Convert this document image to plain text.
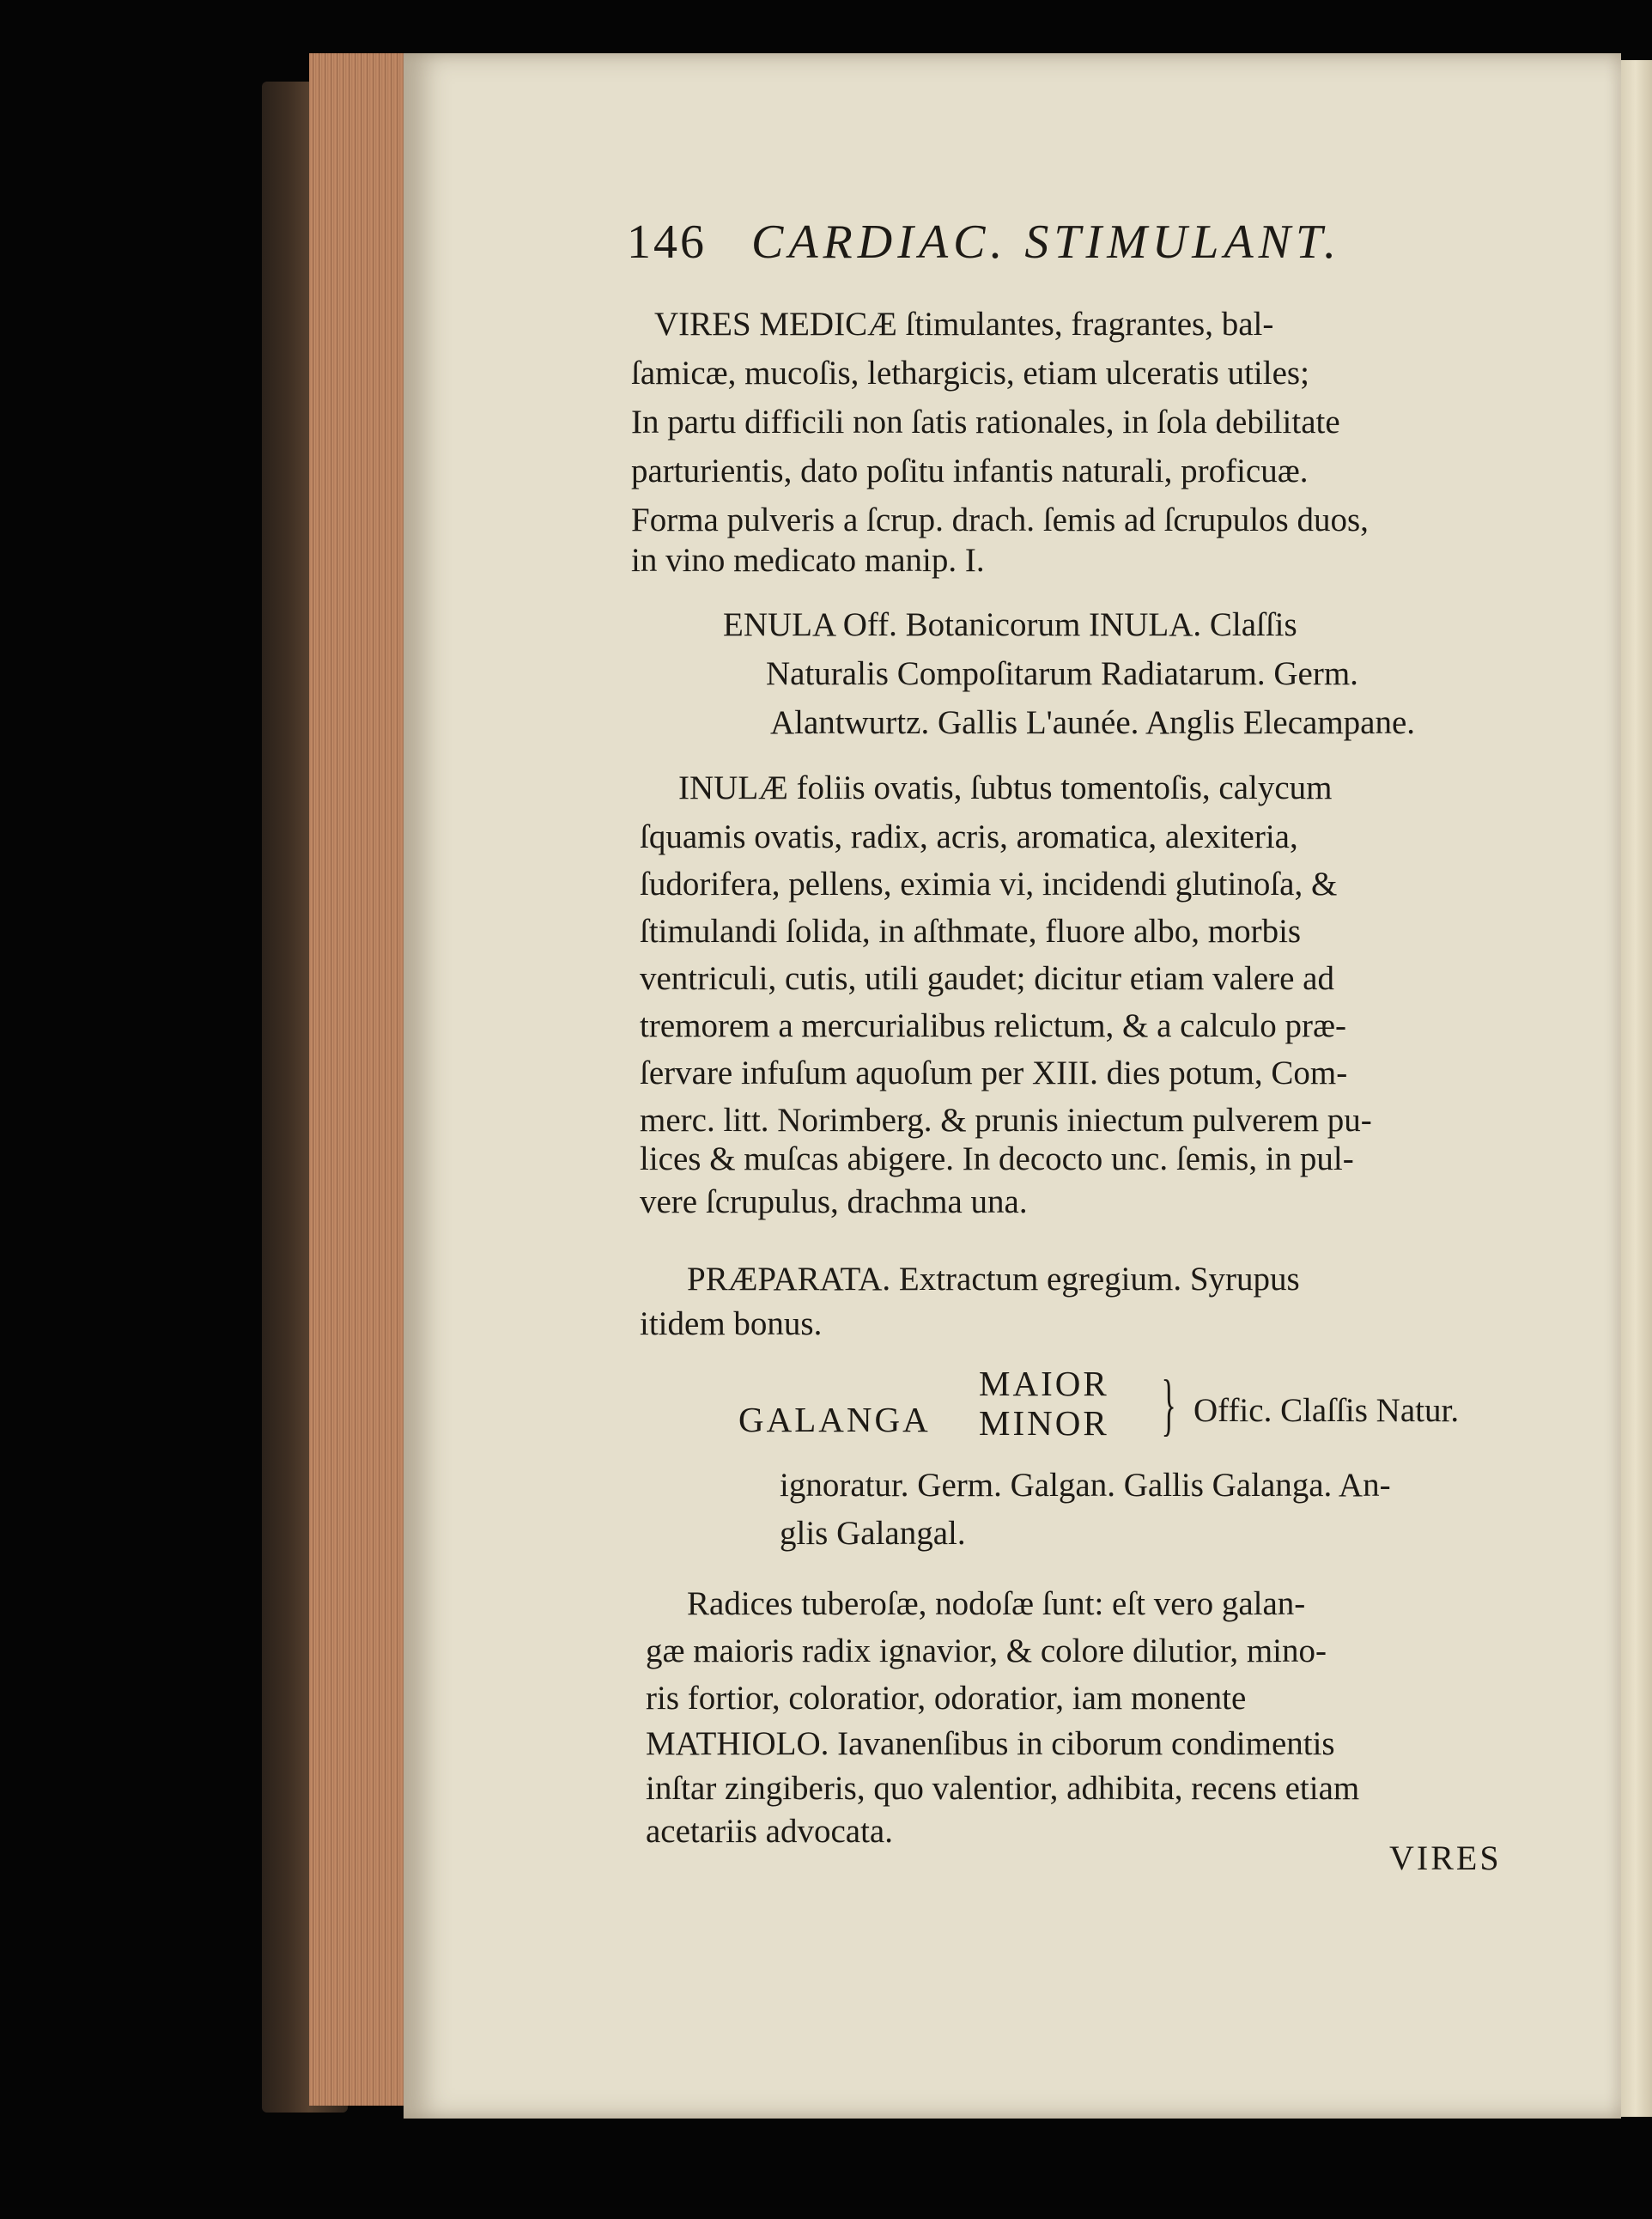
146 CARDIAC. STIMULANT.
VIRES MEDICÆ ſtimulantes, fragrantes, bal-
ſamicæ, mucoſis, lethargicis, etiam ulceratis utiles;
In partu difficili non ſatis rationales, in ſola debilitate
parturientis, dato poſitu infantis naturali, proficuæ.
Forma pulveris a ſcrup. drach. ſemis ad ſcrupulos duos,
in vino medicato manip. I.
ENULA Off. Botanicorum INULA. Claſſis
Naturalis Compoſitarum Radiatarum. Germ.
Alantwurtz. Gallis L'aunée. Anglis Elecampane.
INULÆ foliis ovatis, ſubtus tomentoſis, calycum
ſquamis ovatis, radix, acris, aromatica, alexiteria,
ſudorifera, pellens, eximia vi, incidendi glutinoſa, &
ſtimulandi ſolida, in aſthmate, fluore albo, morbis
ventriculi, cutis, utili gaudet; dicitur etiam valere ad
tremorem a mercurialibus relictum, & a calculo præ-
ſervare infuſum aquoſum per XIII. dies potum, Com-
merc. litt. Norimberg. & prunis iniectum pulverem pu-
lices & muſcas abigere. In decocto unc. ſemis, in pul-
vere ſcrupulus, drachma una.
PRÆPARATA. Extractum egregium. Syrupus
itidem bonus.
GALANGA
MAIOR
MINOR } Offic. Claſſis Natur.
ignoratur. Germ. Galgan. Gallis Galanga. An-
glis Galangal.
Radices tuberoſæ, nodoſæ ſunt: eſt vero galan-
gæ maioris radix ignavior, & colore dilutior, mino-
ris fortior, coloratior, odoratior, iam monente
MATHIOLO. Iavanenſibus in ciborum condimentis
inſtar zingiberis, quo valentior, adhibita, recens etiam
acetariis advocata.
VIRES
